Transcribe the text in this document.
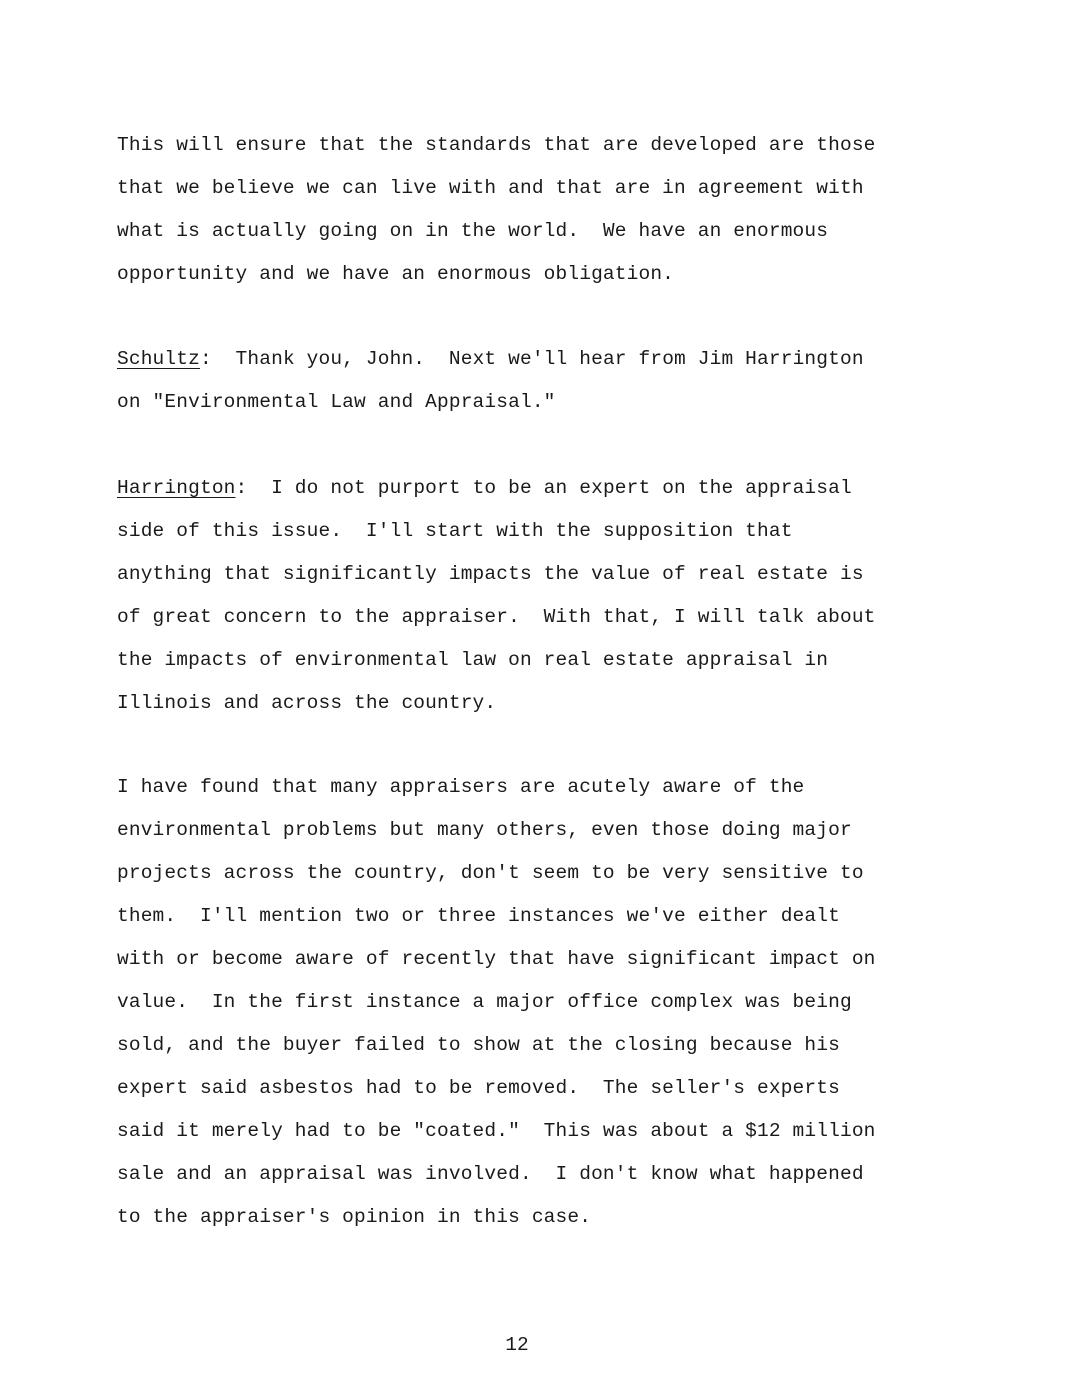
This will ensure that the standards that are developed are those
that we believe we can live with and that are in agreement with
what is actually going on in the world.  We have an enormous
opportunity and we have an enormous obligation.
Schultz:  Thank you, John.  Next we'll hear from Jim Harrington
on "Environmental Law and Appraisal."
Harrington:  I do not purport to be an expert on the appraisal
side of this issue.  I'll start with the supposition that
anything that significantly impacts the value of real estate is
of great concern to the appraiser.  With that, I will talk about
the impacts of environmental law on real estate appraisal in
Illinois and across the country.
I have found that many appraisers are acutely aware of the
environmental problems but many others, even those doing major
projects across the country, don't seem to be very sensitive to
them.  I'll mention two or three instances we've either dealt
with or become aware of recently that have significant impact on
value.  In the first instance a major office complex was being
sold, and the buyer failed to show at the closing because his
expert said asbestos had to be removed.  The seller's experts
said it merely had to be "coated."  This was about a $12 million
sale and an appraisal was involved.  I don't know what happened
to the appraiser's opinion in this case.
12
